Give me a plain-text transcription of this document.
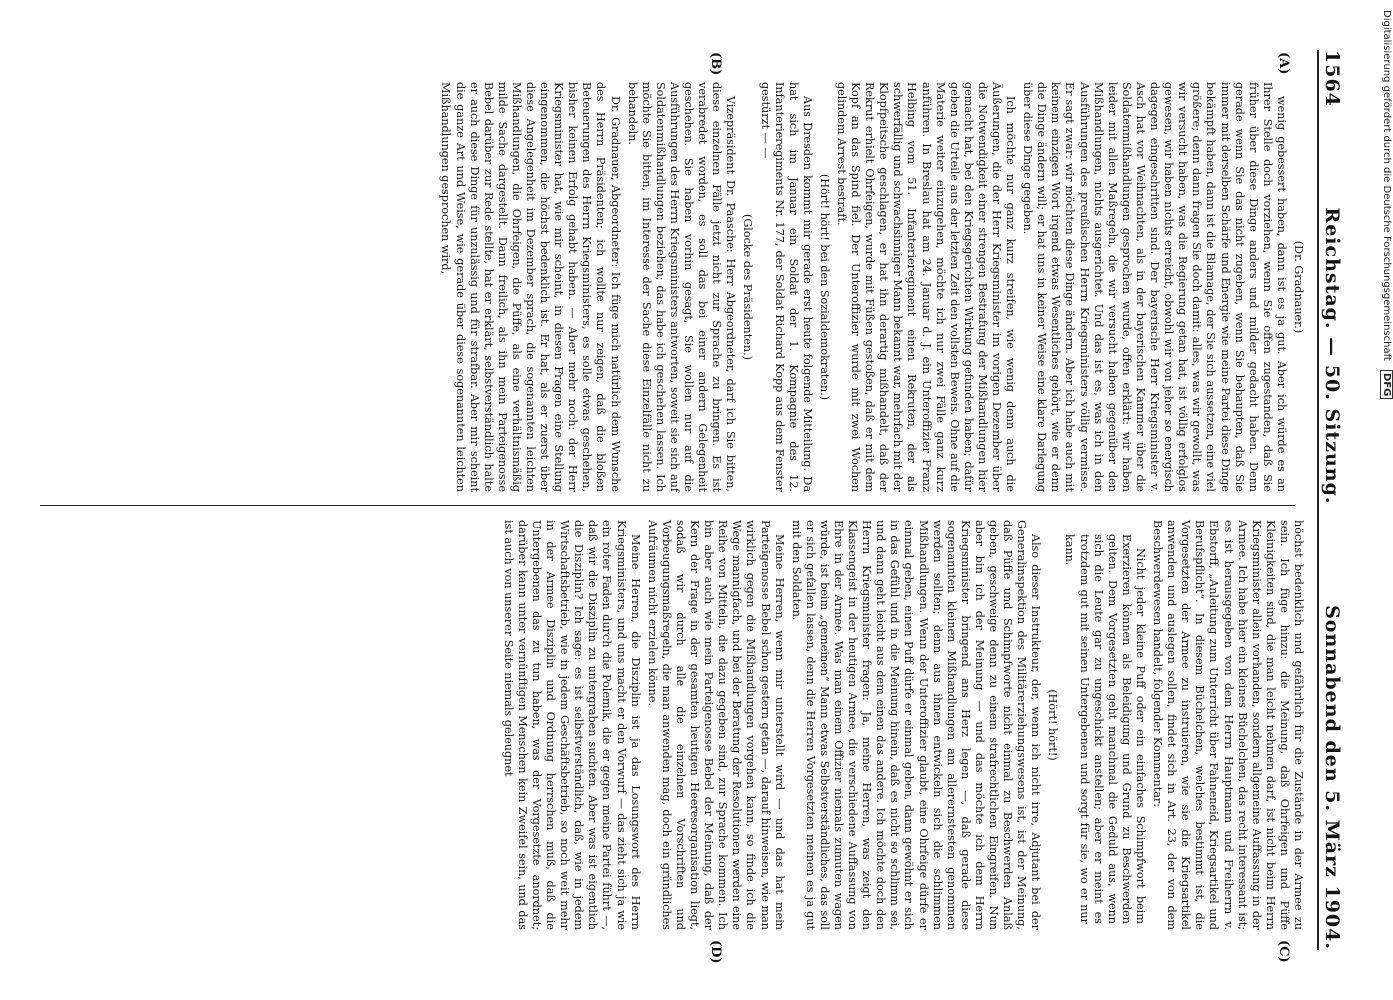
1564
Reichstag. — 50. Sitzung.
Sonnabend den 5. März 1904.
(A)
(B)
(C)
(D)

(Dr. Gradnauer.)

wenig gebessert haben, dann ist es ja gut. Aber ich würde es an Ihrer Stelle doch vorziehen, wenn Sie offen zugestanden, daß Sie früher über diese Dinge anders und milder gedacht haben. Denn gerade wenn Sie das nicht zugeben, wenn Sie behaupten, daß Sie immer mit derselben Schärfe und Energie wie meine Partei diese Dinge bekämpft haben, dann ist die Blamage, der Sie sich aussetzen, eine viel größere; denn dann fragen Sie doch damit: alles, was wir gewollt, was wir versucht haben, was die Regierung getan hat, ist völlig erfolglos gewesen, wir haben nichts erreicht, obwohl wir von jeher so energisch dagegen eingeschritten sind. Der bayerische Herr Kriegsminister v. Asch hat vor Weihnachten, als in der bayerischen Kammer über die Soldatenmißhandlungen gesprochen wurde, offen erklärt: wir haben leider mit allen Maßregeln, die wir versucht haben gegenüber den Mißhandlungen, nichts ausgerichtet. Und das ist es, was ich in den Ausführungen des preußischen Herrn Kriegsministers völlig vermisse. Er sagt zwar: wir möchten diese Dinge ändern. Aber ich habe auch mit keinem einzigen Wort irgend etwas Wesentliches gehört, wie er denn die Dinge ändern will; er hat uns in keiner Weise eine klare Darlegung über diese Dinge gegeben.

Ich möchte nur ganz kurz streifen, wie wenig denn auch die Äußerungen, die der Herr Kriegsminister im vorigen Dezember über die Notwendigkeit einer strengen Bestrafung der Mißhandlungen hier gemacht hat, bei den Kriegsgerichten Wirkung gefunden haben; dafür geben die Urteile aus der letzten Zeit den vollsten Beweis. Ohne auf die Materie weiter einzugehen, möchte ich nur zwei Fälle ganz kurz anführen. In Breslau hat am 24. Januar d. J. ein Unteroffizier Franz Helbing vom 51. Infanterieregiment einen Rekruten, der als schwerfällig und schwachsinniger Mann bekannt war, mehrfach mit der Klopfpeitsche geschlagen, er hat ihn derartig mißhandelt, daß der Rekrut erhielt Ohrfeigen, wurde mit Füßen gestoßen, daß er mit dem Kopf an das Spind fiel. Der Unteroffizier wurde mit zwei Wochen gelindem Arrest bestraft.

(Hört! hört! bei den Sozialdemokraten.)

Aus Dresden kommt mir gerade erst heute folgende Mitteilung. Da hat sich im Januar ein Soldat der 1. Kompagnie des 12. Infanterieregiments Nr. 177, der Soldat Richard Kopp aus dem Fenster gestürzt — —

(Glocke des Präsidenten.)

Vizepräsident Dr. Paasche: Herr Abgeordneter, darf ich Sie bitten, diese einzelnen Fälle jetzt nicht zur Sprache zu bringen. Es ist verabredet worden, es soll das bei einer andern Gelegenheit geschehen. Sie haben vorhin gesagt, Sie wollen nur auf die Ausführungen des Herrn Kriegsministers antworten, soweit sie sich auf Soldatenmißhandlungen beziehen; das habe ich geschehen lassen. Ich möchte Sie bitten, im Interesse der Sache diese Einzelfälle nicht zu behandeln.

Dr. Gradnauer, Abgeordneter: Ich füge mich natürlich dem Wunsche des Herrn Präsidenten; ich wollte nur zeigen, daß die bloßen Beteuerungen des Herrn Kriegsministers, es solle etwas geschehen, bisher keinen Erfolg gehabt haben. — Aber mehr noch: der Herr Kriegsminister hat, wie mir scheint, in diesen Fragen eine Stellung eingenommen, die höchst bedenklich ist. Er hat, als er zuerst über diese Angelegenheit im Dezember sprach, die sogenannten leichten Mißhandlungen, die Ohrfeigen, die Püffe, als eine verhältnismäßig milde Sache dargestellt. Dann freilich, als ihn mein Parteigenosse Bebel darüber zur Rede stellte, hat er erklärt, selbstverständlich halte er auch diese Dinge für unzulässig und für strafbar. Aber mir scheint die ganze Art und Weise, wie gerade über diese sogenannten leichten Mißhandlungen gesprochen wird,

höchst bedenklich und gefährlich für die Zustände in der Armee zu sein. Ich füge hinzu: die Meinung, daß Ohrfeigen und Püffe Kleinigkeiten sind, die man leicht nehmen darf, ist nicht beim Herrn Kriegsminister allein vorhanden, sondern allgemeine Auffassung in der Armee. Ich habe hier ein kleines Büchelchen, das recht interessant ist; es ist herausgegeben von dem Herrn Hauptmann und Freiherrn v. Ebstorff, „Anleitung zum Unterricht über Fahneneid, Kriegsartikel und Berufspflicht“. In diesem Büchelchen, welches bestimmt ist, die Vorgesetzten der Armee zu instruieren, wie sie die Kriegsartikel anwenden und auslegen sollen, findet sich in Art. 23, der von dem Beschwerdewesen handelt, folgender Kommentar:

Nicht jeder kleine Puff oder ein einfaches Schimpfwort beim Exerzieren können als Beleidigung und Grund zu Beschwerden gelten. Dem Vorgesetzten geht manchmal die Geduld aus, wenn sich die Leute gar zu ungeschickt anstellen; aber er meint es trotzdem gut mit seinen Untergebenen und sorgt für sie, wo er nur kann.

(Hört! hört!)

Also dieser Instrukteur, der, wenn ich nicht irre, Adjutant bei der Generalinspektion des Militärerziehungswesens ist, ist der Meinung, daß Püffe und Schimpfworte nicht einmal zu Beschwerden Anlaß geben, geschweige denn zu einem strafrechtlichen Eingreifen. Nun aber bin ich der Meinung — und das möchte ich dem Herrn Kriegsminister bringend ans Herz legen —, daß gerade diese sogenannten kleinen Mißhandlungen am allerernstesten genommen werden sollten; denn aus ihnen entwickeln sich die schlimmen Mißhandlungen. Wenn der Unteroffizier glaubt, eine Ohrfeige dürfe er einmal geben, einen Puff dürfe er einmal geben, dann gewöhnt er sich in das Gefühl und in die Meinung hinein, daß es nicht so schlimm sei, und dann geht leicht aus dem einen das andere. Ich möchte doch den Herrn Kriegsminister fragen: Ja, meine Herren, was zeigt den Klassengeist in der heutigen Armee, die verschiedene Auffassung von Ehre in der Armee. Was man einem Offizier niemals zumuten wagen würde, ist beim „gemeinen“ Mann etwas Selbstverständliches, das soll er sich gefallen lassen, denn die Herren Vorgesetzten meinen es ja gut mit den Soldaten.

Meine Herren, wenn mir unterstellt wird — und das hat mein Parteigenosse Bebel schon gestern getan —, darauf hinweisen, wie man wirklich gegen die Mißhandlungen vorgehen kann, so finde ich die Wege mannigfach, und bei der Beratung der Resolutionen werden eine Reihe von Mitteln, die dazu gegeben sind, zur Sprache kommen. Ich bin aber auch wie mein Parteigenosse Bebel der Meinung, daß der Kern der Frage in der gesamten heutigen Heeresorganisation liegt, sodaß wir durch alle die einzelnen Vorschriften und Vorbeugungsmaßregeln, die man anwenden mag, doch ein gründliches Aufräumen nicht erzielen könne.

Meine Herren, die Disziplin ist ja das Losungswort des Herrn Kriegsministers, und uns macht er den Vorwurf — das zieht sich ja wie ein roter Faden durch die Polemik, die er gegen meine Partei führt —, daß wir die Disziplin zu untergraben suchten. Aber was ist eigentlich die Disziplin? Ich sage: es ist selbstverständlich, daß, wie in jedem Wirtschaftsbetrieb, wie in jedem Geschäftsbetrieb, so noch weit mehr in der Armee Disziplin und Ordnung herrschen muß, daß die Untergebenen das zu tun haben, was der Vorgesetzte anordnet; darüber kann unter vernünftigen Menschen kein Zweifel sein, und das ist auch von unserer Seite niemals geleugnet

Digitalisierung gefördert durch die Deutsche Forschungsgemeinschaft DFG
